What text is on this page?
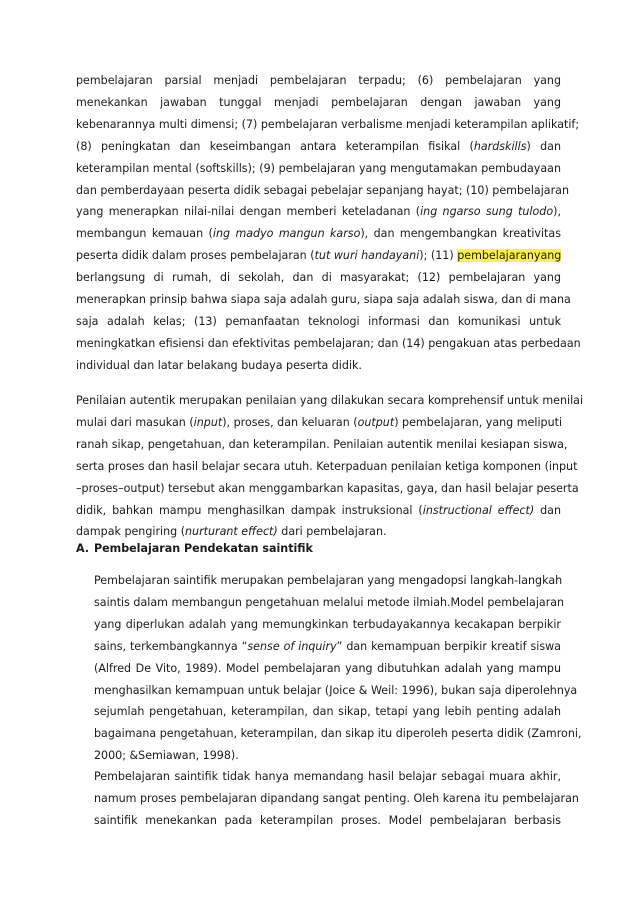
pembelajaran parsial menjadi pembelajaran terpadu; (6) pembelajaran yang
menekankan jawaban tunggal menjadi pembelajaran dengan jawaban yang
kebenarannya multi dimensi; (7) pembelajaran verbalisme menjadi keterampilan aplikatif;
(8) peningkatan dan keseimbangan antara keterampilan fisikal (hardskills) dan
keterampilan mental (softskills); (9) pembelajaran yang mengutamakan pembudayaan
dan pemberdayaan peserta didik sebagai pebelajar sepanjang hayat; (10) pembelajaran
yang menerapkan nilai-nilai dengan memberi keteladanan (ing ngarso sung tulodo),
membangun kemauan (ing madyo mangun karso), dan mengembangkan kreativitas
peserta didik dalam proses pembelajaran (tut wuri handayani); (11) pembelajaranyang
berlangsung di rumah, di sekolah, dan di masyarakat; (12) pembelajaran yang
menerapkan prinsip bahwa siapa saja adalah guru, siapa saja adalah siswa, dan di mana
saja adalah kelas; (13) pemanfaatan teknologi informasi dan komunikasi untuk
meningkatkan efisiensi dan efektivitas pembelajaran; dan (14) pengakuan atas perbedaan
individual dan latar belakang budaya peserta didik.
Penilaian autentik merupakan penilaian yang dilakukan secara komprehensif untuk menilai
mulai dari masukan (input), proses, dan keluaran (output) pembelajaran, yang meliputi
ranah sikap, pengetahuan, dan keterampilan. Penilaian autentik menilai kesiapan siswa,
serta proses dan hasil belajar secara utuh. Keterpaduan penilaian ketiga komponen (input
–proses–output) tersebut akan menggambarkan kapasitas, gaya, dan hasil belajar peserta
didik, bahkan mampu menghasilkan dampak instruksional (instructional effect) dan
dampak pengiring (nurturant effect) dari pembelajaran.
A. Pembelajaran Pendekatan saintifik
Pembelajaran saintifik merupakan pembelajaran yang mengadopsi langkah-langkah
saintis dalam membangun pengetahuan melalui metode ilmiah.Model pembelajaran
yang diperlukan adalah yang memungkinkan terbudayakannya kecakapan berpikir
sains, terkembangkannya “sense of inquiry” dan kemampuan berpikir kreatif siswa
(Alfred De Vito, 1989). Model pembelajaran yang dibutuhkan adalah yang mampu
menghasilkan kemampuan untuk belajar (Joice & Weil: 1996), bukan saja diperolehnya
sejumlah pengetahuan, keterampilan, dan sikap, tetapi yang lebih penting adalah
bagaimana pengetahuan, keterampilan, dan sikap itu diperoleh peserta didik (Zamroni,
2000; &Semiawan, 1998).
Pembelajaran saintifik tidak hanya memandang hasil belajar sebagai muara akhir,
namum proses pembelajaran dipandang sangat penting. Oleh karena itu pembelajaran
saintifik menekankan pada keterampilan proses. Model pembelajaran berbasis
